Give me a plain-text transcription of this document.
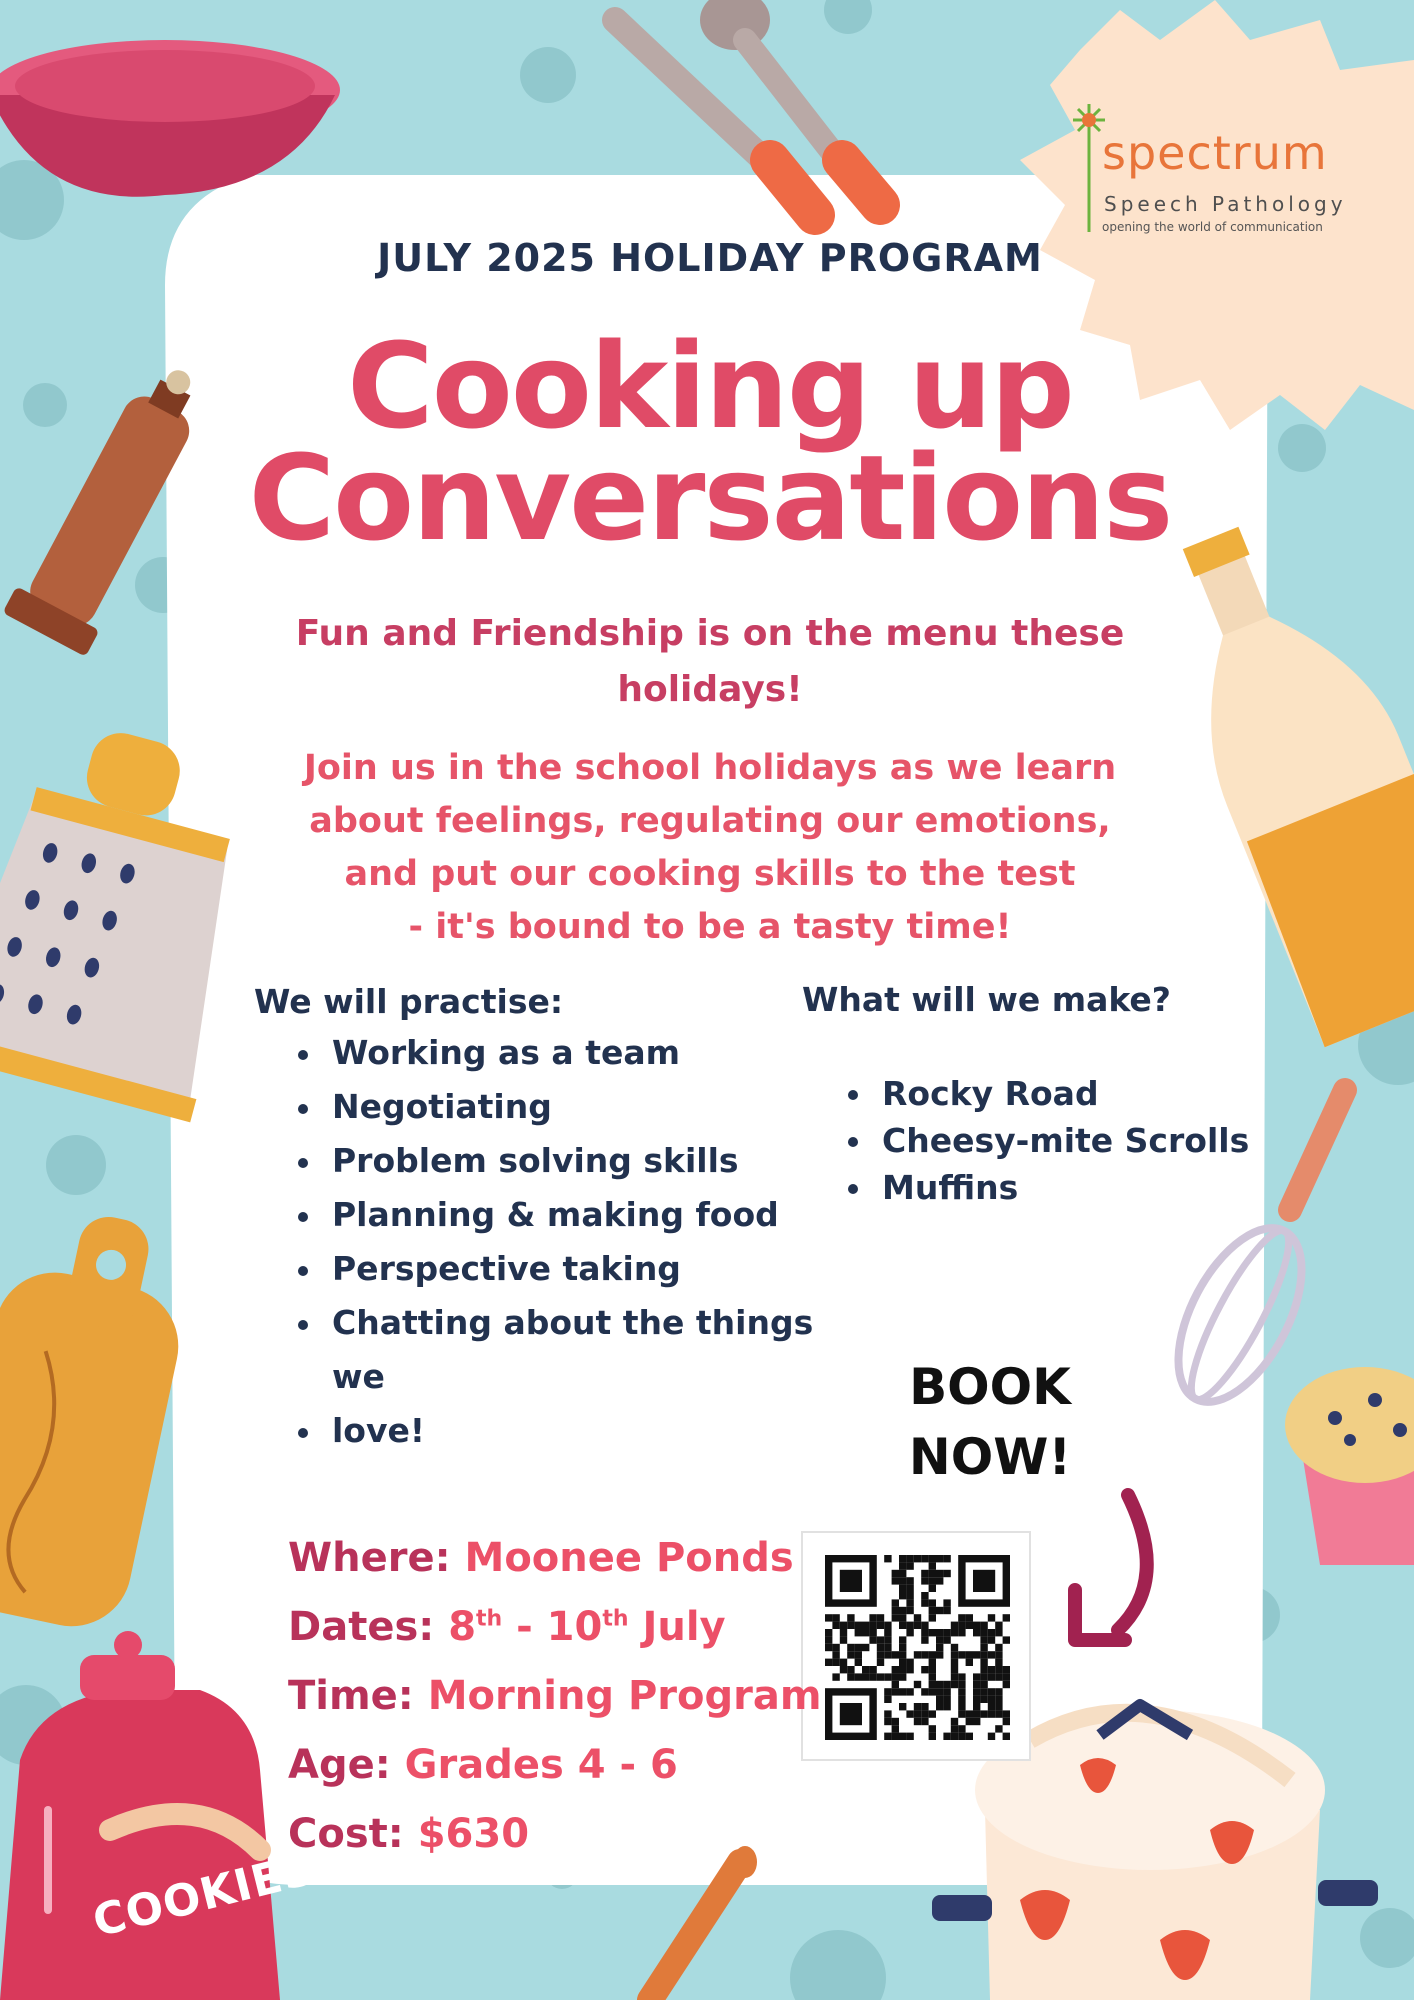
spectrum
Speech Pathology
opening the world of communication
JULY 2025 HOLIDAY PROGRAM
Cooking up
Conversations
Fun and Friendship is on the menu these
holidays!
Join us in the school holidays as we learn
about feelings, regulating our emotions,
and put our cooking skills to the test
- it's bound to be a tasty time!
We will practise:
Working as a team
Negotiating
Problem solving skills
Planning & making food
Perspective taking
Chatting about the things we
love!
What will we make?
Rocky Road
Cheesy-mite Scrolls
Muffins
BOOK
NOW!
Where: Moonee Ponds
Dates: 8th - 10th July
Time: Morning Program
Age: Grades 4 - 6
Cost: $630
COOKIES
